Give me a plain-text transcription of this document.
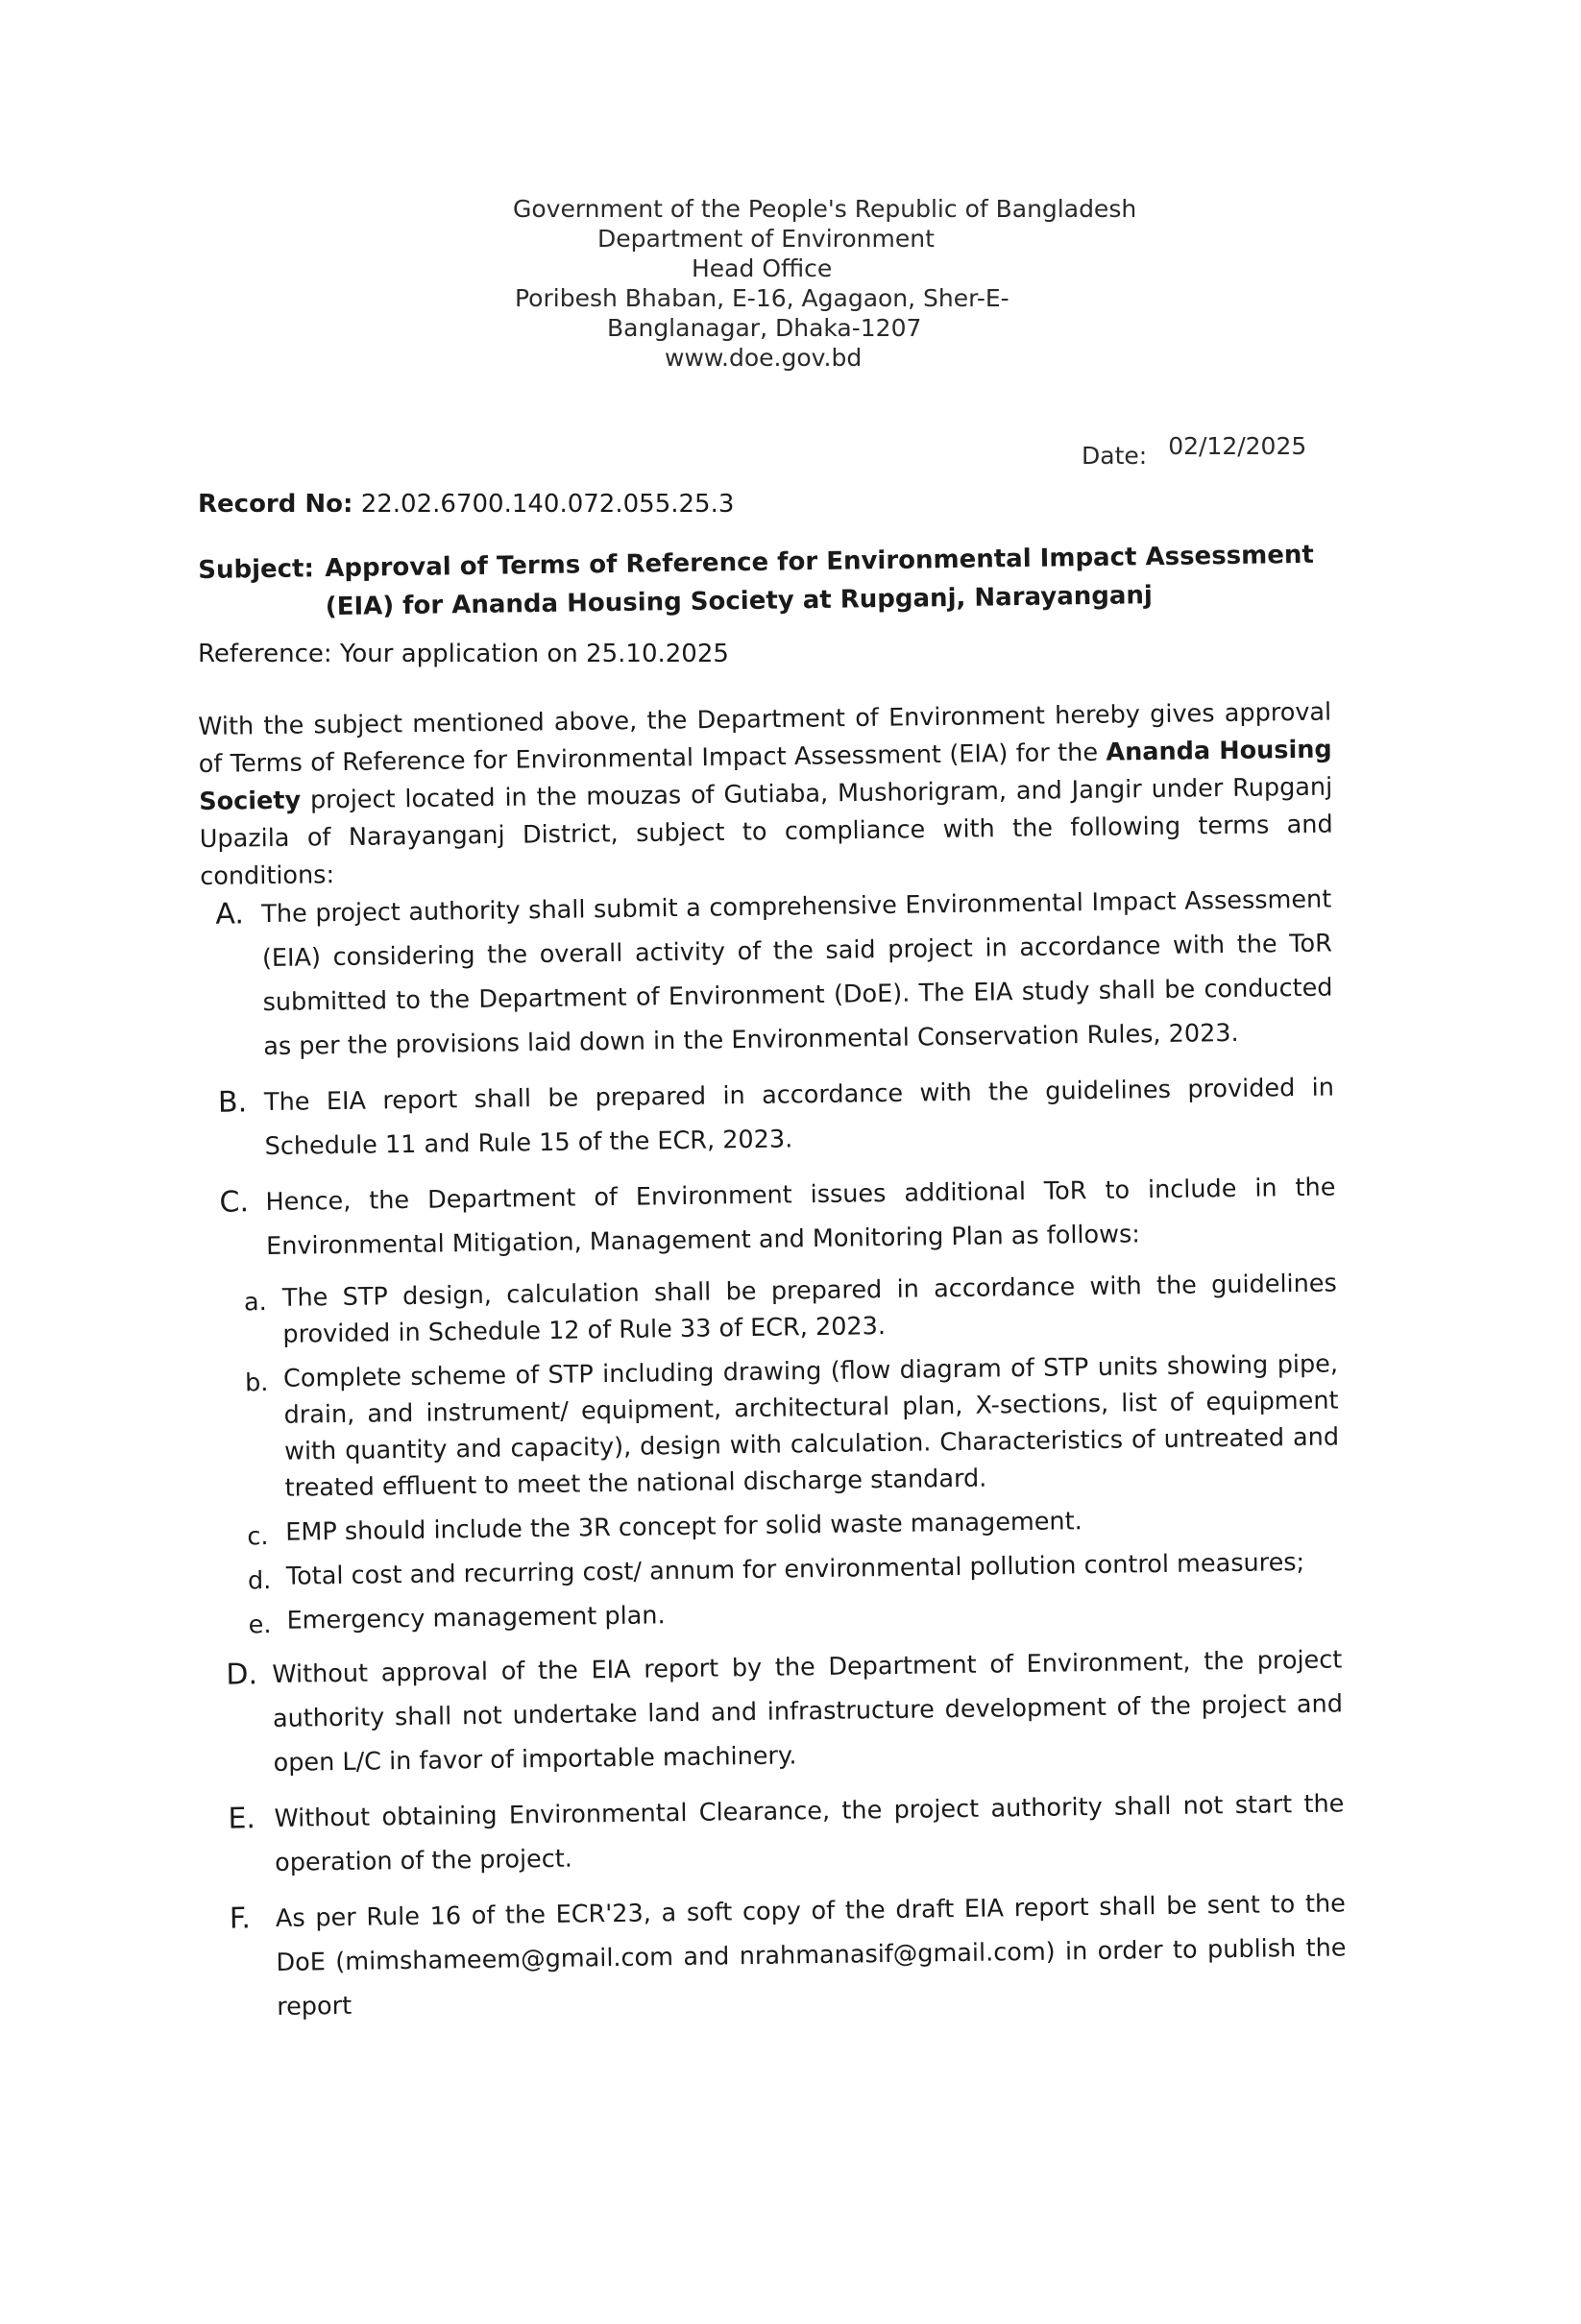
Government of the People's Republic of Bangladesh
Department of Environment
Head Office
Poribesh Bhaban, E-16, Agagaon, Sher-E-
Banglanagar, Dhaka-1207
www.doe.gov.bd
Date: 02/12/2025
Record No: 22.02.6700.140.072.055.25.3
Subject: Approval of Terms of Reference for Environmental Impact Assessment
(EIA) for Ananda Housing Society at Rupganj, Narayanganj
Reference: Your application on 25.10.2025
With the subject mentioned above, the Department of Environment hereby gives approval of Terms of Reference for Environmental Impact Assessment (EIA) for the Ananda Housing Society project located in the mouzas of Gutiaba, Mushorigram, and Jangir under Rupganj Upazila of Narayanganj District, subject to compliance with the following terms and conditions:
A. The project authority shall submit a comprehensive Environmental Impact Assessment (EIA) considering the overall activity of the said project in accordance with the ToR submitted to the Department of Environment (DoE). The EIA study shall be conducted as per the provisions laid down in the Environmental Conservation Rules, 2023.
B. The EIA report shall be prepared in accordance with the guidelines provided in Schedule 11 and Rule 15 of the ECR, 2023.
C. Hence, the Department of Environment issues additional ToR to include in the Environmental Mitigation, Management and Monitoring Plan as follows:
a. The STP design, calculation shall be prepared in accordance with the guidelines provided in Schedule 12 of Rule 33 of ECR, 2023.
b. Complete scheme of STP including drawing (flow diagram of STP units showing pipe, drain, and instrument/ equipment, architectural plan, X-sections, list of equipment with quantity and capacity), design with calculation. Characteristics of untreated and treated effluent to meet the national discharge standard.
c. EMP should include the 3R concept for solid waste management.
d. Total cost and recurring cost/ annum for environmental pollution control measures;
e. Emergency management plan.
D. Without approval of the EIA report by the Department of Environment, the project authority shall not undertake land and infrastructure development of the project and open L/C in favor of importable machinery.
E. Without obtaining Environmental Clearance, the project authority shall not start the operation of the project.
F. As per Rule 16 of the ECR'23, a soft copy of the draft EIA report shall be sent to the DoE (mimshameem@gmail.com and nrahmanasif@gmail.com) in order to publish the report
